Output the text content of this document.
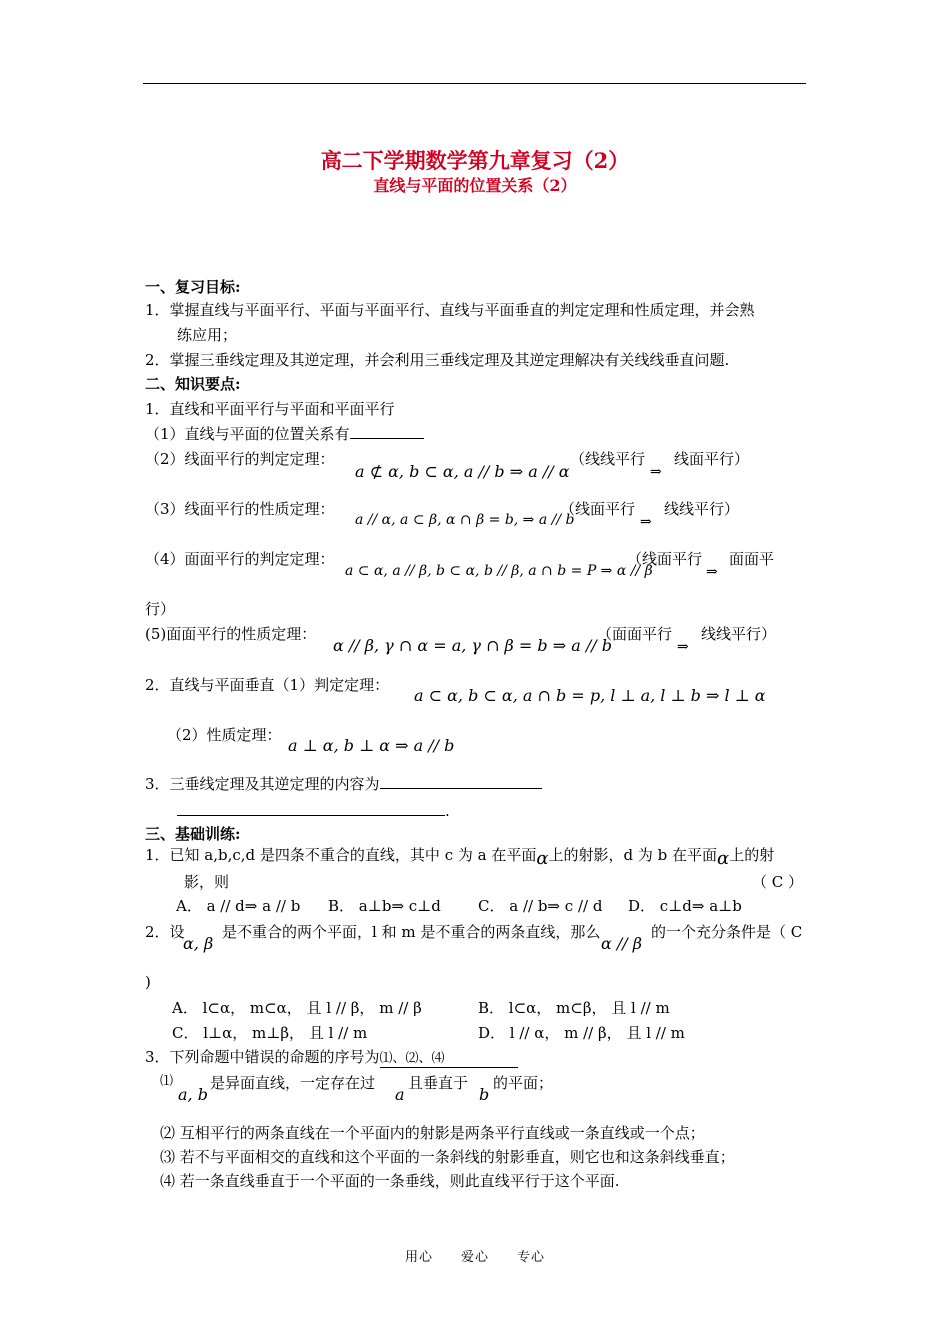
高二下学期数学第九章复习（2）
直线与平面的位置关系（2）
一、复习目标:
1．掌握直线与平面平行、平面与平面平行、直线与平面垂直的判定定理和性质定理，并会熟
练应用；
2．掌握三垂线定理及其逆定理，并会利用三垂线定理及其逆定理解决有关线线垂直问题.
二、知识要点:
1．直线和平面平行与平面和平面平行
（1）直线与平面的位置关系有
（2）线面平行的判定定理：
a ⊄ α, b ⊂ α, a // b ⇒ a // α
（线线平行
⇒
线面平行）
（3）线面平行的性质定理：
a // α, a ⊂ β, α ∩ β = b, ⇒ a // b
（线面平行
⇒
线线平行）
（4）面面平行的判定定理：
a ⊂ α, a // β, b ⊂ α, b // β, a ∩ b = P ⇒ α // β
（线面平行
⇒
面面平
行）
(5)面面平行的性质定理：
α // β, γ ∩ α = a, γ ∩ β = b ⇒ a // b
（面面平行
⇒
线线平行）
2．直线与平面垂直（1）判定定理：
a ⊂ α, b ⊂ α, a ∩ b = p, l ⊥ a, l ⊥ b ⇒ l ⊥ α
（2）性质定理：
a ⊥ α, b ⊥ α ⇒ a // b
3．三垂线定理及其逆定理的内容为
.
三、基础训练:
1．已知 a,b,c,d 是四条不重合的直线，其中 c 为 a 在平面α上的射影，d 为 b 在平面α上的射
影，则	（ C ）
A． a // d⇒ a // b B． a⊥b⇒ c⊥d C． a // b⇒ c // d D． c⊥d⇒ a⊥b
2．设
α, β
是不重合的两个平面，l 和 m 是不重合的两条直线，那么
α // β
的一个充分条件是（ C
)
A． l⊂α， m⊂α， 且 l // β， m // β	B． l⊂α， m⊂β， 且 l // m
C． l⊥α， m⊥β， 且 l // m	D． l // α， m // β， 且 l // m
3．下列命题中错误的命题的序号为⑴、⑵、⑷
⑴
a, b
是异面直线，一定存在过
a
且垂直于
b
的平面；
⑵ 互相平行的两条直线在一个平面内的射影是两条平行直线或一条直线或一个点；
⑶ 若不与平面相交的直线和这个平面的一条斜线的射影垂直，则它也和这条斜线垂直；
⑷ 若一条直线垂直于一个平面的一条垂线，则此直线平行于这个平面.
用心 爱心 专心
